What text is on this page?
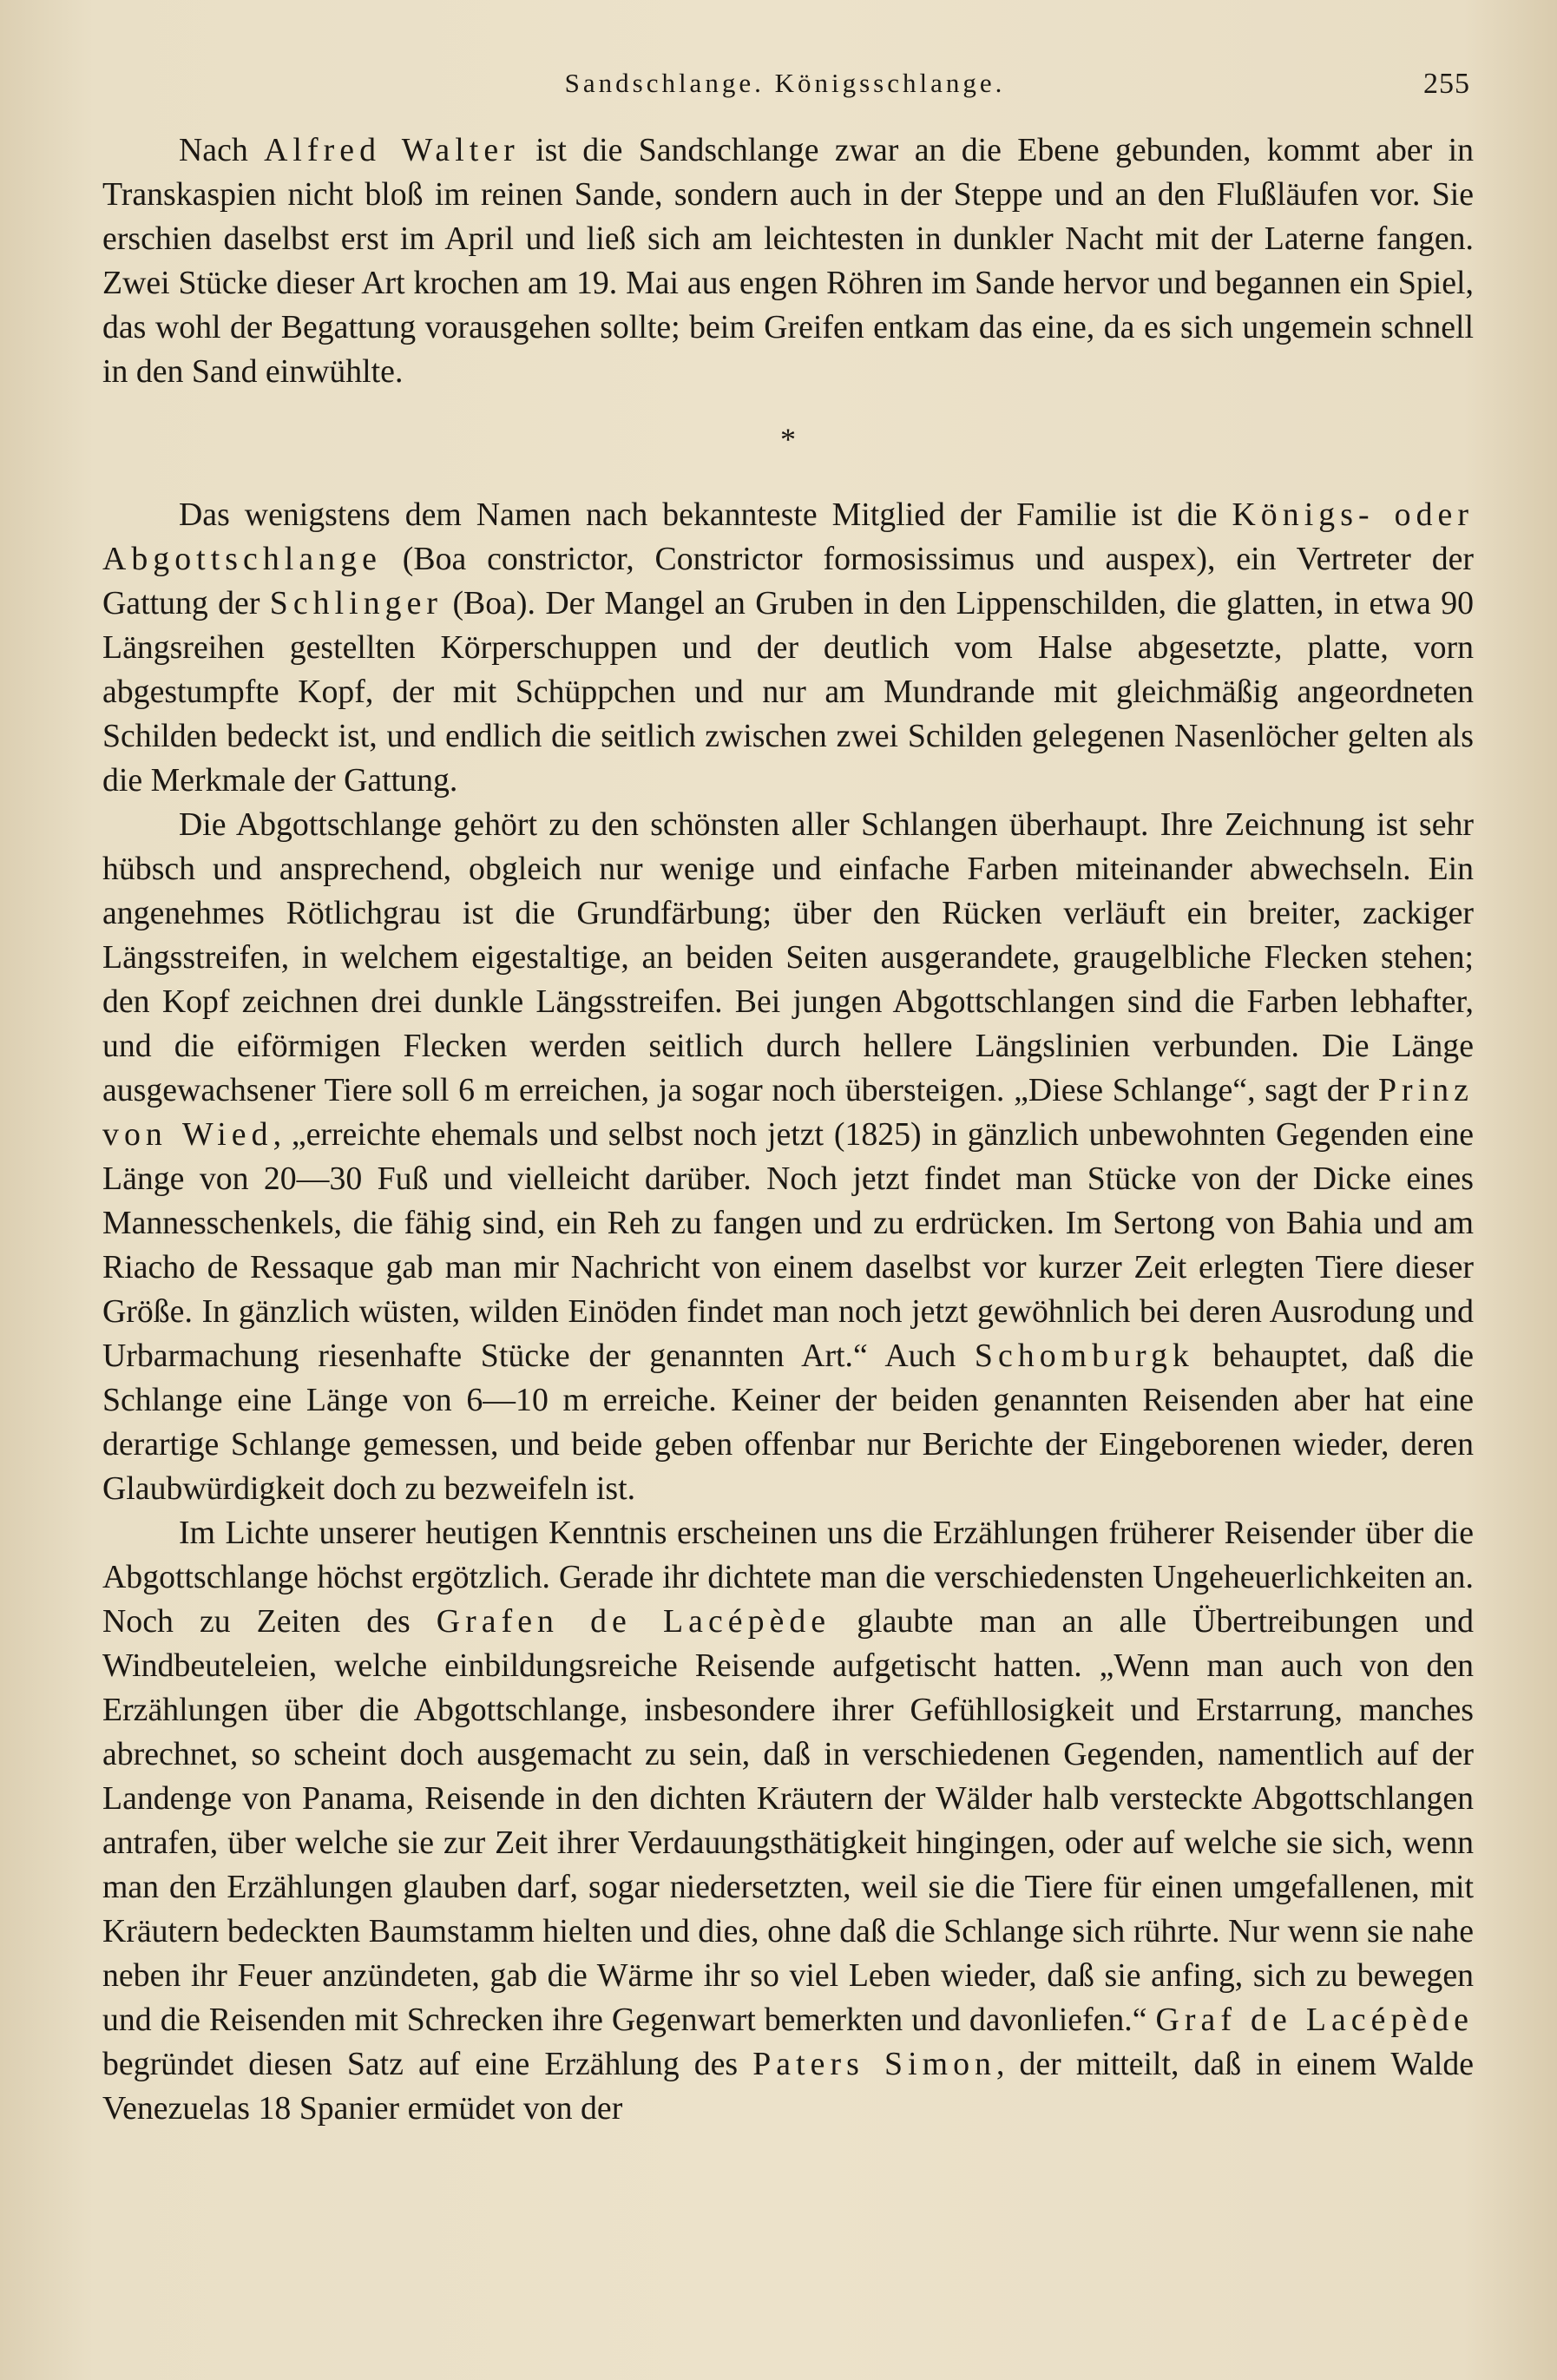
Sandschlange. Königsschlange.	255

Nach Alfred Walter ist die Sandschlange zwar an die Ebene gebunden, kommt aber in Transkaspien nicht bloß im reinen Sande, sondern auch in der Steppe und an den Flußläufen vor. Sie erschien daselbst erst im April und ließ sich am leichtesten in dunkler Nacht mit der Laterne fangen. Zwei Stücke dieser Art krochen am 19. Mai aus engen Röhren im Sande hervor und begannen ein Spiel, das wohl der Begattung vorausgehen sollte; beim Greifen entkam das eine, da es sich ungemein schnell in den Sand einwühlte.

*

Das wenigstens dem Namen nach bekannteste Mitglied der Familie ist die Königs- oder Abgottschlange (Boa constrictor, Constrictor formosissimus und auspex), ein Vertreter der Gattung der Schlinger (Boa). Der Mangel an Gruben in den Lippenschilden, die glatten, in etwa 90 Längsreihen gestellten Körperschuppen und der deutlich vom Halse abgesetzte, platte, vorn abgestumpfte Kopf, der mit Schüppchen und nur am Mundrande mit gleichmäßig angeordneten Schilden bedeckt ist, und endlich die seitlich zwischen zwei Schilden gelegenen Nasenlöcher gelten als die Merkmale der Gattung.

Die Abgottschlange gehört zu den schönsten aller Schlangen überhaupt. Ihre Zeichnung ist sehr hübsch und ansprechend, obgleich nur wenige und einfache Farben miteinander abwechseln. Ein angenehmes Rötlichgrau ist die Grundfärbung; über den Rücken verläuft ein breiter, zackiger Längsstreifen, in welchem eigestaltige, an beiden Seiten ausgerandete, graugelbliche Flecken stehen; den Kopf zeichnen drei dunkle Längsstreifen. Bei jungen Abgottschlangen sind die Farben lebhafter, und die eiförmigen Flecken werden seitlich durch hellere Längslinien verbunden. Die Länge ausgewachsener Tiere soll 6 m erreichen, ja sogar noch übersteigen. „Diese Schlange“, sagt der Prinz von Wied, „erreichte ehemals und selbst noch jetzt (1825) in gänzlich unbewohnten Gegenden eine Länge von 20—30 Fuß und vielleicht darüber. Noch jetzt findet man Stücke von der Dicke eines Mannesschenkels, die fähig sind, ein Reh zu fangen und zu erdrücken. Im Sertong von Bahia und am Riacho de Ressaque gab man mir Nachricht von einem daselbst vor kurzer Zeit erlegten Tiere dieser Größe. In gänzlich wüsten, wilden Einöden findet man noch jetzt gewöhnlich bei deren Ausrodung und Urbarmachung riesenhafte Stücke der genannten Art.“ Auch Schomburgk behauptet, daß die Schlange eine Länge von 6—10 m erreiche. Keiner der beiden genannten Reisenden aber hat eine derartige Schlange gemessen, und beide geben offenbar nur Berichte der Eingeborenen wieder, deren Glaubwürdigkeit doch zu bezweifeln ist.

Im Lichte unserer heutigen Kenntnis erscheinen uns die Erzählungen früherer Reisender über die Abgottschlange höchst ergötzlich. Gerade ihr dichtete man die verschiedensten Ungeheuerlichkeiten an. Noch zu Zeiten des Grafen de Lacépède glaubte man an alle Übertreibungen und Windbeuteleien, welche einbildungsreiche Reisende aufgetischt hatten. „Wenn man auch von den Erzählungen über die Abgottschlange, insbesondere ihrer Gefühllosigkeit und Erstarrung, manches abrechnet, so scheint doch ausgemacht zu sein, daß in verschiedenen Gegenden, namentlich auf der Landenge von Panama, Reisende in den dichten Kräutern der Wälder halb versteckte Abgottschlangen antrafen, über welche sie zur Zeit ihrer Verdauungsthätigkeit hingingen, oder auf welche sie sich, wenn man den Erzählungen glauben darf, sogar niedersetzten, weil sie die Tiere für einen umgefallenen, mit Kräutern bedeckten Baumstamm hielten und dies, ohne daß die Schlange sich rührte. Nur wenn sie nahe neben ihr Feuer anzündeten, gab die Wärme ihr so viel Leben wieder, daß sie anfing, sich zu bewegen und die Reisenden mit Schrecken ihre Gegenwart bemerkten und davonliefen.“ Graf de Lacépède begründet diesen Satz auf eine Erzählung des Paters Simon, der mitteilt, daß in einem Walde Venezuelas 18 Spanier ermüdet von der
